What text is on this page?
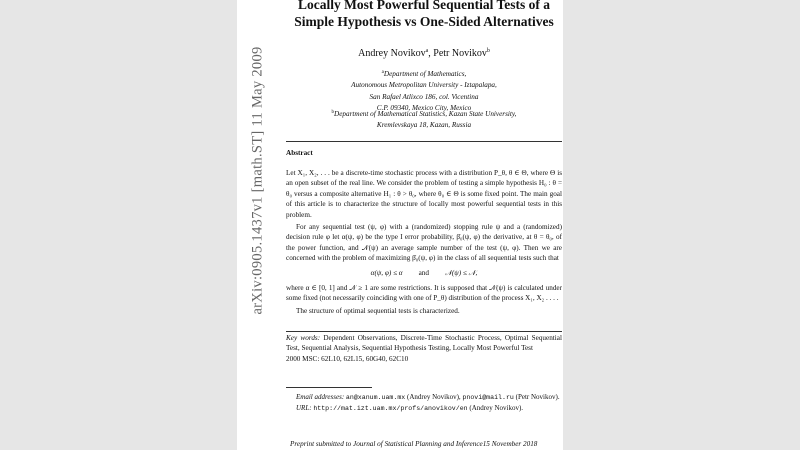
arXiv:0905.1437v1 [math.ST] 11 May 2009
Locally Most Powerful Sequential Tests of a
Simple Hypothesis vs One-Sided Alternatives
Andrey Novikov$^a$, Petr Novikov$^b$
$^a$Department of Mathematics,
Autonomous Metropolitan University - Iztapalapa,
San Rafael Atlixco 186, col. Vicentina
C.P. 09340, Mexico City, Mexico
$^b$Department of Mathematical Statistics, Kazan State University,
Kremlevskaya 18, Kazan, Russia
Abstract

Let X₁, X₂, . . . be a discrete-time stochastic process with a distribution P_θ, θ ∈ Θ, where Θ is an open subset of the real line. We consider the problem of testing a simple hypothesis H₀ : θ = θ₀ versus a composite alternative H₁ : θ > θ₀, where θ₀ ∈ Θ is some fixed point. The main goal of this article is to characterize the structure of locally most powerful sequential tests in this problem.

For any sequential test (ψ, φ) with a (randomized) stopping rule ψ and a (randomized) decision rule φ let α(ψ, φ) be the type I error probability, β̇₀(ψ, φ) the derivative, at θ = θ₀, of the power function, and 𝒩(ψ) an average sample number of the test (ψ, φ). Then we are concerned with the problem of maximizing β̇₀(ψ, φ) in the class of all sequential tests such that

α(ψ, φ) ≤ α and 𝒩(ψ) ≤ 𝒩,

where α ∈ [0, 1] and 𝒩 ≥ 1 are some restrictions. It is supposed that 𝒩(ψ) is calculated under some fixed (not necessarily coinciding with one of P_θ) distribution of the process X₁, X₂ . . . .

The structure of optimal sequential tests is characterized.

Key words: Dependent Observations, Discrete-Time Stochastic Process, Optimal Sequential Test, Sequential Analysis, Sequential Hypothesis Testing, Locally Most Powerful Test
2000 MSC: 62L10, 62L15, 60G40, 62C10

Email addresses: an@xanum.uam.mx (Andrey Novikov), pnovi@mail.ru (Petr Novikov).

URL: http://mat.izt.uam.mx/profs/anovikov/en (Andrey Novikov).

Preprint submitted to Journal of Statistical Planning and Inference15 November 2018
